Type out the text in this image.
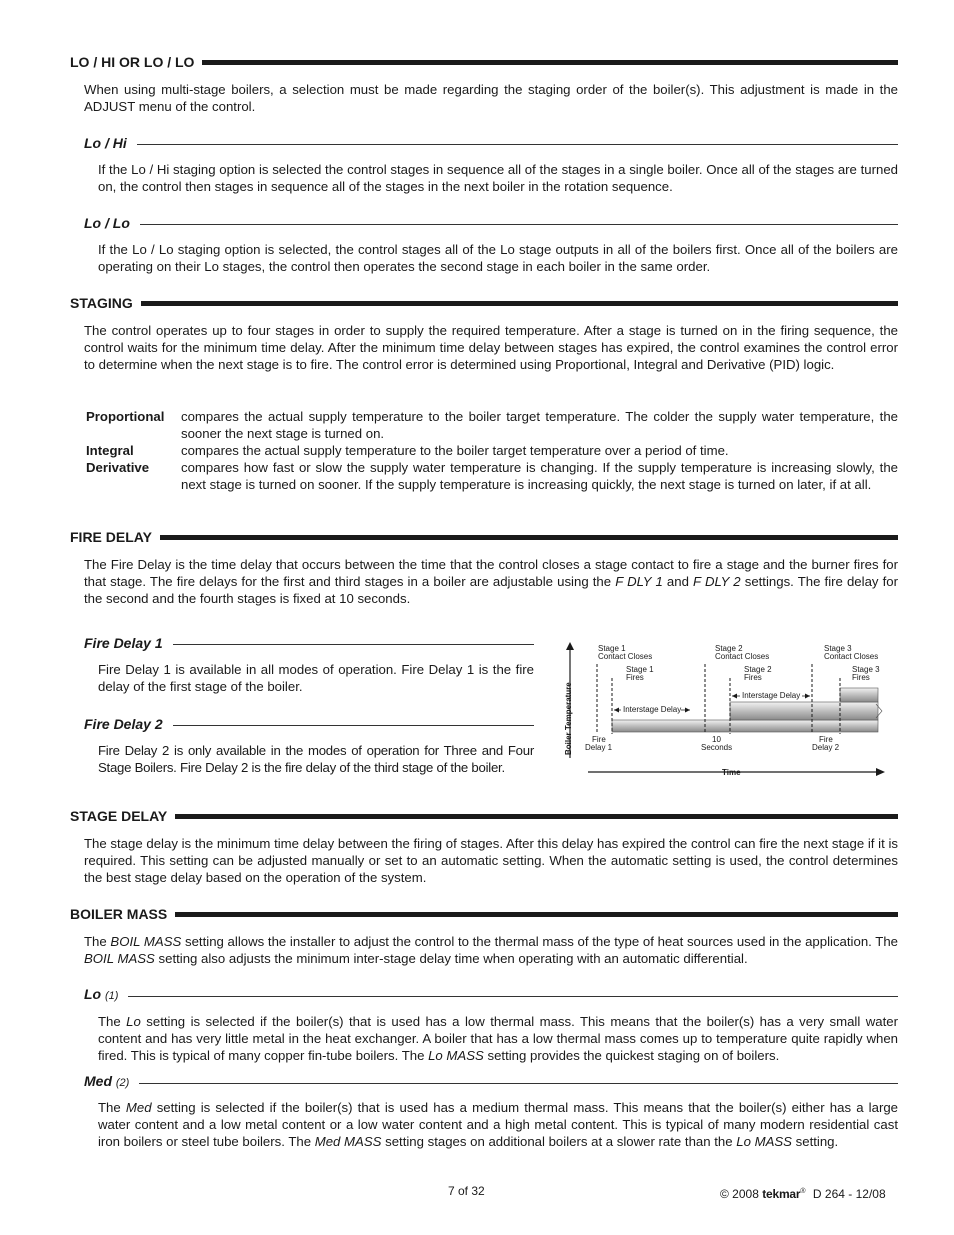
LO / HI OR LO / LO

When using multi-stage boilers, a selection must be made regarding the staging order of the boiler(s). This adjustment is made in the ADJUST menu of the control.

Lo / Hi

If the Lo / Hi staging option is selected the control stages in sequence all of the stages in a single boiler. Once all of the stages are turned on, the control then stages in sequence all of the stages in the next boiler in the rotation sequence.

Lo / Lo

If the Lo / Lo staging option is selected, the control stages all of the Lo stage outputs in all of the boilers first. Once all of the boilers are operating on their Lo stages, the control then operates the second stage in each boiler in the same order.

STAGING

The control operates up to four stages in order to supply the required temperature. After a stage is turned on in the firing sequence, the control waits for the minimum time delay. After the minimum time delay between stages has expired, the control examines the control error to determine when the next stage is to fire. The control error is determined using Proportional, Integral and Derivative (PID) logic.

Proportional	compares the actual supply temperature to the boiler target temperature. The colder the supply water temperature, the sooner the next stage is turned on.
Integral	compares the actual supply temperature to the boiler target temperature over a period of time.
Derivative	compares how fast or slow the supply water temperature is changing. If the supply temperature is increasing slowly, the next stage is turned on sooner. If the supply temperature is increasing quickly, the next stage is turned on later, if at all.
FIRE DELAY

The Fire Delay is the time delay that occurs between the time that the control closes a stage contact to fire a stage and the burner fires for that stage. The fire delays for the first and third stages in a boiler are adjustable using the F DLY 1 and F DLY 2 settings. The fire delay for the second and the fourth stages is fixed at 10 seconds.

Fire Delay 1

Fire Delay 1 is available in all modes of operation. Fire Delay 1 is the fire delay of the first stage of the boiler.

Fire Delay 2

Fire Delay 2 is only available in the modes of operation for Three and Four Stage Boilers. Fire Delay 2 is the fire delay of the third stage of the boiler.

Boiler Temperature
Time
Stage 1 Contact Closes
Stage 2 Contact Closes
Stage 3 Contact Closes
Stage 1 Fires
Stage 2 Fires
Stage 3 Fires
Interstage Delay
Interstage Delay
Fire Delay 1
10 Seconds
Fire Delay 2
STAGE DELAY

The stage delay is the minimum time delay between the firing of stages. After this delay has expired the control can fire the next stage if it is required. This setting can be adjusted manually or set to an automatic setting. When the automatic setting is used, the control determines the best stage delay based on the operation of the system.

BOILER MASS

The BOIL MASS setting allows the installer to adjust the control to the thermal mass of the type of heat sources used in the application. The BOIL MASS setting also adjusts the minimum inter-stage delay time when operating with an automatic differential.

Lo (1)

The Lo setting is selected if the boiler(s) that is used has a low thermal mass. This means that the boiler(s) has a very small water content and has very little metal in the heat exchanger. A boiler that has a low thermal mass comes up to temperature quite rapidly when fired. This is typical of many copper fin-tube boilers. The Lo MASS setting provides the quickest staging on of boilers.

Med (2)

The Med setting is selected if the boiler(s) that is used has a medium thermal mass. This means that the boiler(s) either has a large water content and a low metal content or a low water content and a high metal content. This is typical of many modern residential cast iron boilers or steel tube boilers. The Med MASS setting stages on additional boilers at a slower rate than the Lo MASS setting.

7 of 32	© 2008 tekmar® D 264 - 12/08
